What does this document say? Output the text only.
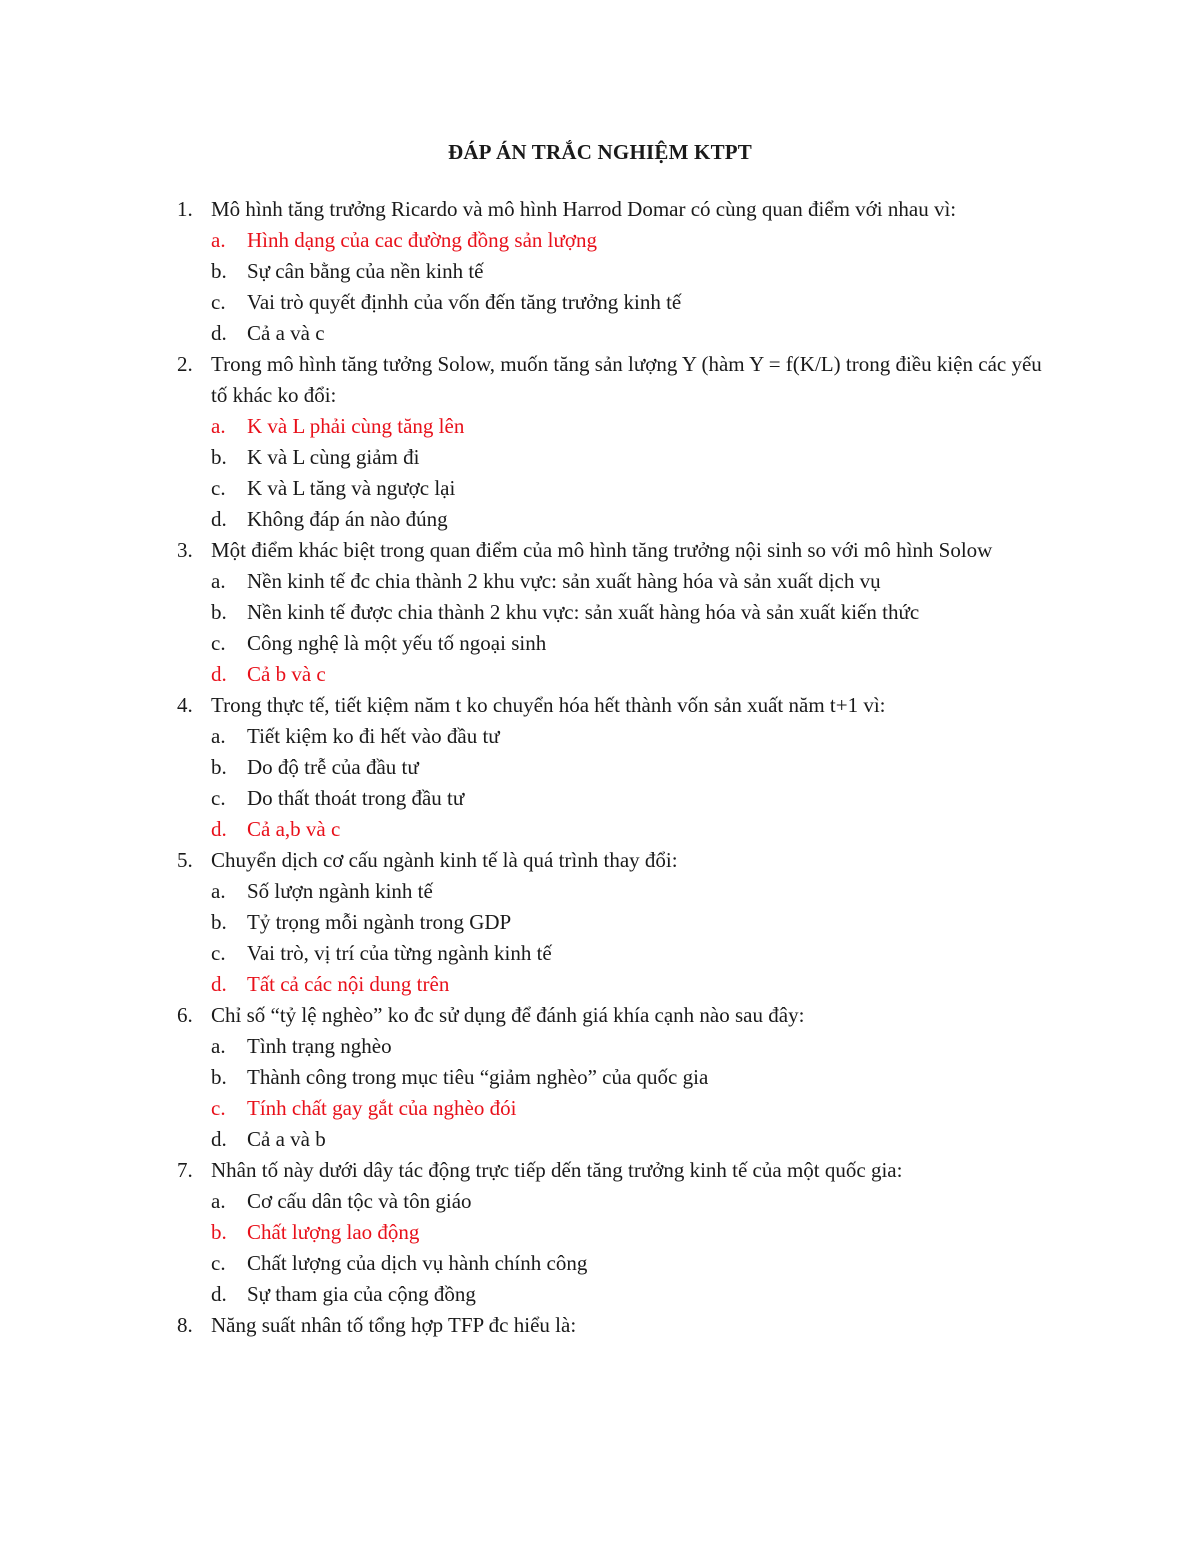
ĐÁP ÁN TRẮC NGHIỆM KTPT
1. Mô hình tăng trưởng Ricardo và mô hình Harrod Domar có cùng quan điểm với nhau vì:
a. Hình dạng của cac đường đồng sản lượng
b. Sự cân bằng của nền kinh tế
c. Vai trò quyết địnhh của vốn đến tăng trưởng kinh tế
d. Cả a và c
2. Trong mô hình tăng tưởng Solow, muốn tăng sản lượng Y (hàm Y = f(K/L) trong điều kiện các yếu tố khác ko đổi:
a. K và L phải cùng tăng lên
b. K và L cùng giảm đi
c. K và L tăng và ngược lại
d. Không đáp án nào đúng
3. Một điểm khác biệt trong quan điểm của mô hình tăng trưởng nội sinh so với mô hình Solow
a. Nền kinh tế đc chia thành 2 khu vực: sản xuất hàng hóa và sản xuất dịch vụ
b. Nền kinh tế được chia thành 2 khu vực: sản xuất hàng hóa và sản xuất kiến thức
c. Công nghệ là một yếu tố ngoại sinh
d. Cả b và c
4. Trong thực tế, tiết kiệm năm t ko chuyển hóa hết thành vốn sản xuất năm t+1 vì:
a. Tiết kiệm ko đi hết vào đầu tư
b. Do độ trễ của đầu tư
c. Do thất thoát trong đầu tư
d. Cả a,b và c
5. Chuyển dịch cơ cấu ngành kinh tế là quá trình thay đổi:
a. Số lượn ngành kinh tế
b. Tỷ trọng mỗi ngành trong GDP
c. Vai trò, vị trí của từng ngành kinh tế
d. Tất cả các nội dung trên
6. Chỉ số “tỷ lệ nghèo” ko đc sử dụng để đánh giá khía cạnh nào sau đây:
a. Tình trạng nghèo
b. Thành công trong mục tiêu “giảm nghèo” của quốc gia
c. Tính chất gay gắt của nghèo đói
d. Cả a và b
7. Nhân tố này dưới dây tác động trực tiếp dến tăng trưởng kinh tế của một quốc gia:
a. Cơ cấu dân tộc và tôn giáo
b. Chất lượng lao động
c. Chất lượng của dịch vụ hành chính công
d. Sự tham gia của cộng đồng
8. Năng suất nhân tố tổng hợp TFP đc hiểu là:
